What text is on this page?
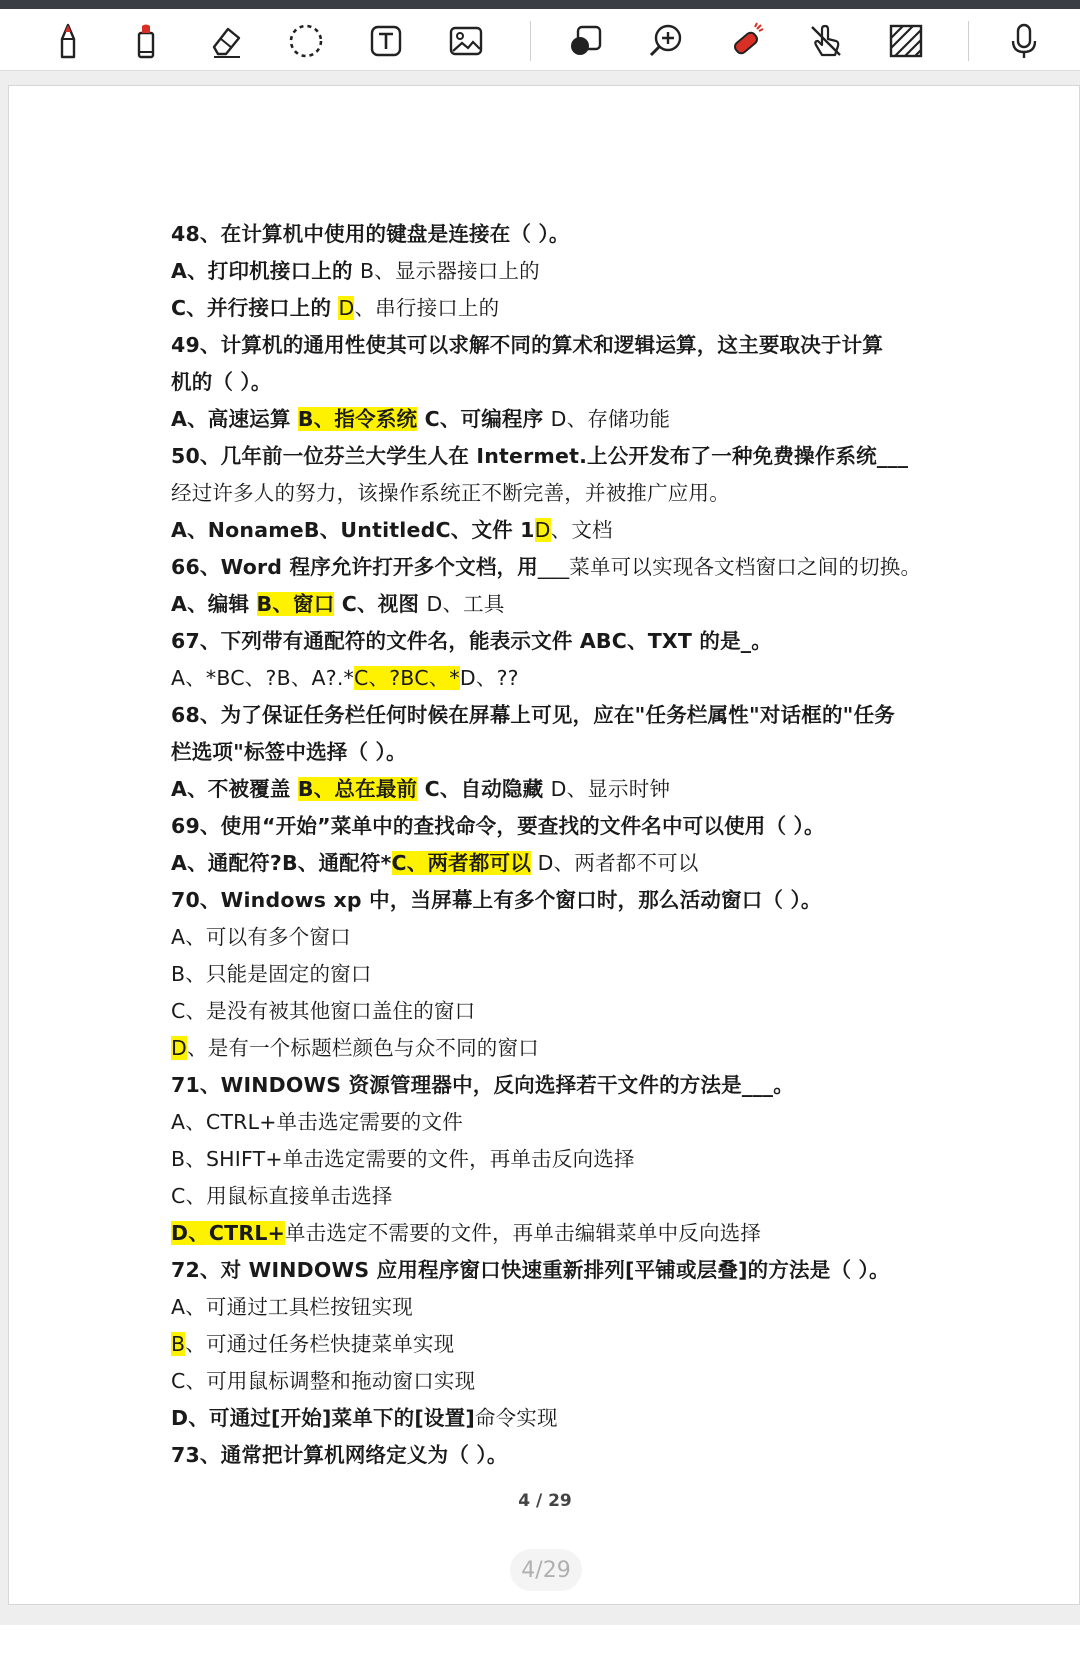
48、在计算机中使用的键盘是连接在（ ）。
A、打印机接口上的 B、显示器接口上的
C、并行接口上的 D、串行接口上的
49、计算机的通用性使其可以求解不同的算术和逻辑运算，这主要取决于计算
机的（ ）。
A、高速运算 B、指令系统 C、可编程序 D、存储功能
50、几年前一位芬兰大学生人在 Intermet.上公开发布了一种免费操作系统___
经过许多人的努力，该操作系统正不断完善，并被推广应用。
A、NonameB、UntitledC、文件 1D、文档
66、Word 程序允许打开多个文档，用___菜单可以实现各文档窗口之间的切换。
A、编辑 B、窗口 C、视图 D、工具
67、下列带有通配符的文件名，能表示文件 ABC、TXT 的是_。
A、*BC、?B、A?.*C、?BC、*D、??
68、为了保证任务栏任何时候在屏幕上可见，应在"任务栏属性"对话框的"任务
栏选项"标签中选择（ ）。
A、不被覆盖 B、总在最前 C、自动隐藏 D、显示时钟
69、使用“开始”菜单中的查找命令，要查找的文件名中可以使用（ ）。
A、通配符?B、通配符*C、两者都可以 D、两者都不可以
70、Windows xp 中，当屏幕上有多个窗口时，那么活动窗口（ ）。
A、可以有多个窗口
B、只能是固定的窗口
C、是没有被其他窗口盖住的窗口
D、是有一个标题栏颜色与众不同的窗口
71、WINDOWS 资源管理器中，反向选择若干文件的方法是___。
A、CTRL+单击选定需要的文件
B、SHIFT+单击选定需要的文件，再单击反向选择
C、用鼠标直接单击选择
D、CTRL+单击选定不需要的文件，再单击编辑菜单中反向选择
72、对 WINDOWS 应用程序窗口快速重新排列[平铺或层叠]的方法是（ ）。
A、可通过工具栏按钮实现
B、可通过任务栏快捷菜单实现
C、可用鼠标调整和拖动窗口实现
D、可通过[开始]菜单下的[设置]命令实现
73、通常把计算机网络定义为（ ）。
4 / 29
4/29
